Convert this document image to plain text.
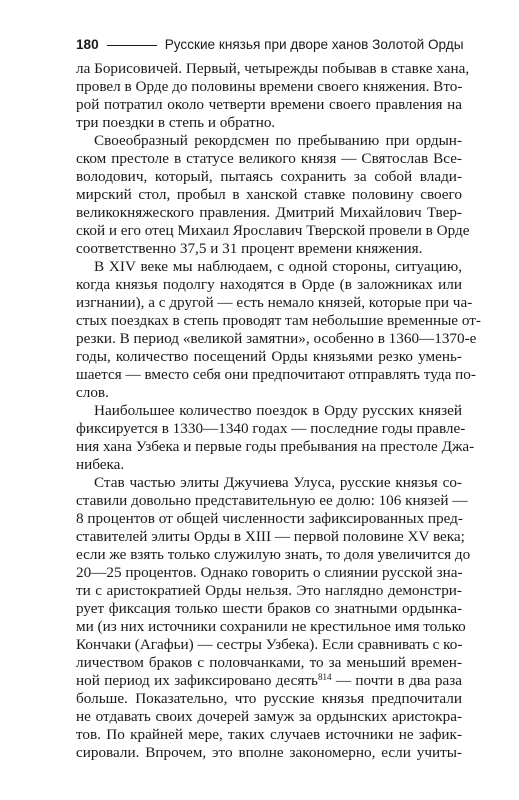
180	Русские князья при дворе ханов Золотой Орды
ла Борисовичей. Первый, четырежды побывав в ставке хана,
провел в Орде до половины времени своего княжения. Вто-
рой потратил около четверти времени своего правления на
три поездки в степь и обратно.
Своеобразный рекордсмен по пребыванию при ордын-
ском престоле в статусе великого князя — Святослав Все-
володович, который, пытаясь сохранить за собой влади-
мирский стол, пробыл в ханской ставке половину своего
великокняжеского правления. Дмитрий Михайлович Твер-
ской и его отец Михаил Ярославич Тверской провели в Орде
соответственно 37,5 и 31 процент времени княжения.
В XIV веке мы наблюдаем, с одной стороны, ситуацию,
когда князья подолгу находятся в Орде (в заложниках или
изгнании), а с другой — есть немало князей, которые при ча-
стых поездках в степь проводят там небольшие временные от-
резки. В период «великой замятни», особенно в 1360—1370-е
годы, количество посещений Орды князьями резко умень-
шается — вместо себя они предпочитают отправлять туда по-
слов.
Наибольшее количество поездок в Орду русских князей
фиксируется в 1330—1340 годах — последние годы правле-
ния хана Узбека и первые годы пребывания на престоле Джа-
нибека.
Став частью элиты Джучиева Улуса, русские князья со-
ставили довольно представительную ее долю: 106 князей —
8 процентов от общей численности зафиксированных пред-
ставителей элиты Орды в XIII — первой половине XV века;
если же взять только служилую знать, то доля увеличится до
20—25 процентов. Однако говорить о слиянии русской зна-
ти с аристократией Орды нельзя. Это наглядно демонстри-
рует фиксация только шести браков со знатными ордынка-
ми (из них источники сохранили не крестильное имя только
Кончаки (Агафьи) — сестры Узбека). Если сравнивать с ко-
личеством браков с половчанками, то за меньший времен-
ной период их зафиксировано десять$^{814}$ — почти в два раза
больше. Показательно, что русские князья предпочитали
не отдавать своих дочерей замуж за ордынских аристокра-
тов. По крайней мере, таких случаев источники не зафик-
сировали. Впрочем, это вполне закономерно, если учиты-
